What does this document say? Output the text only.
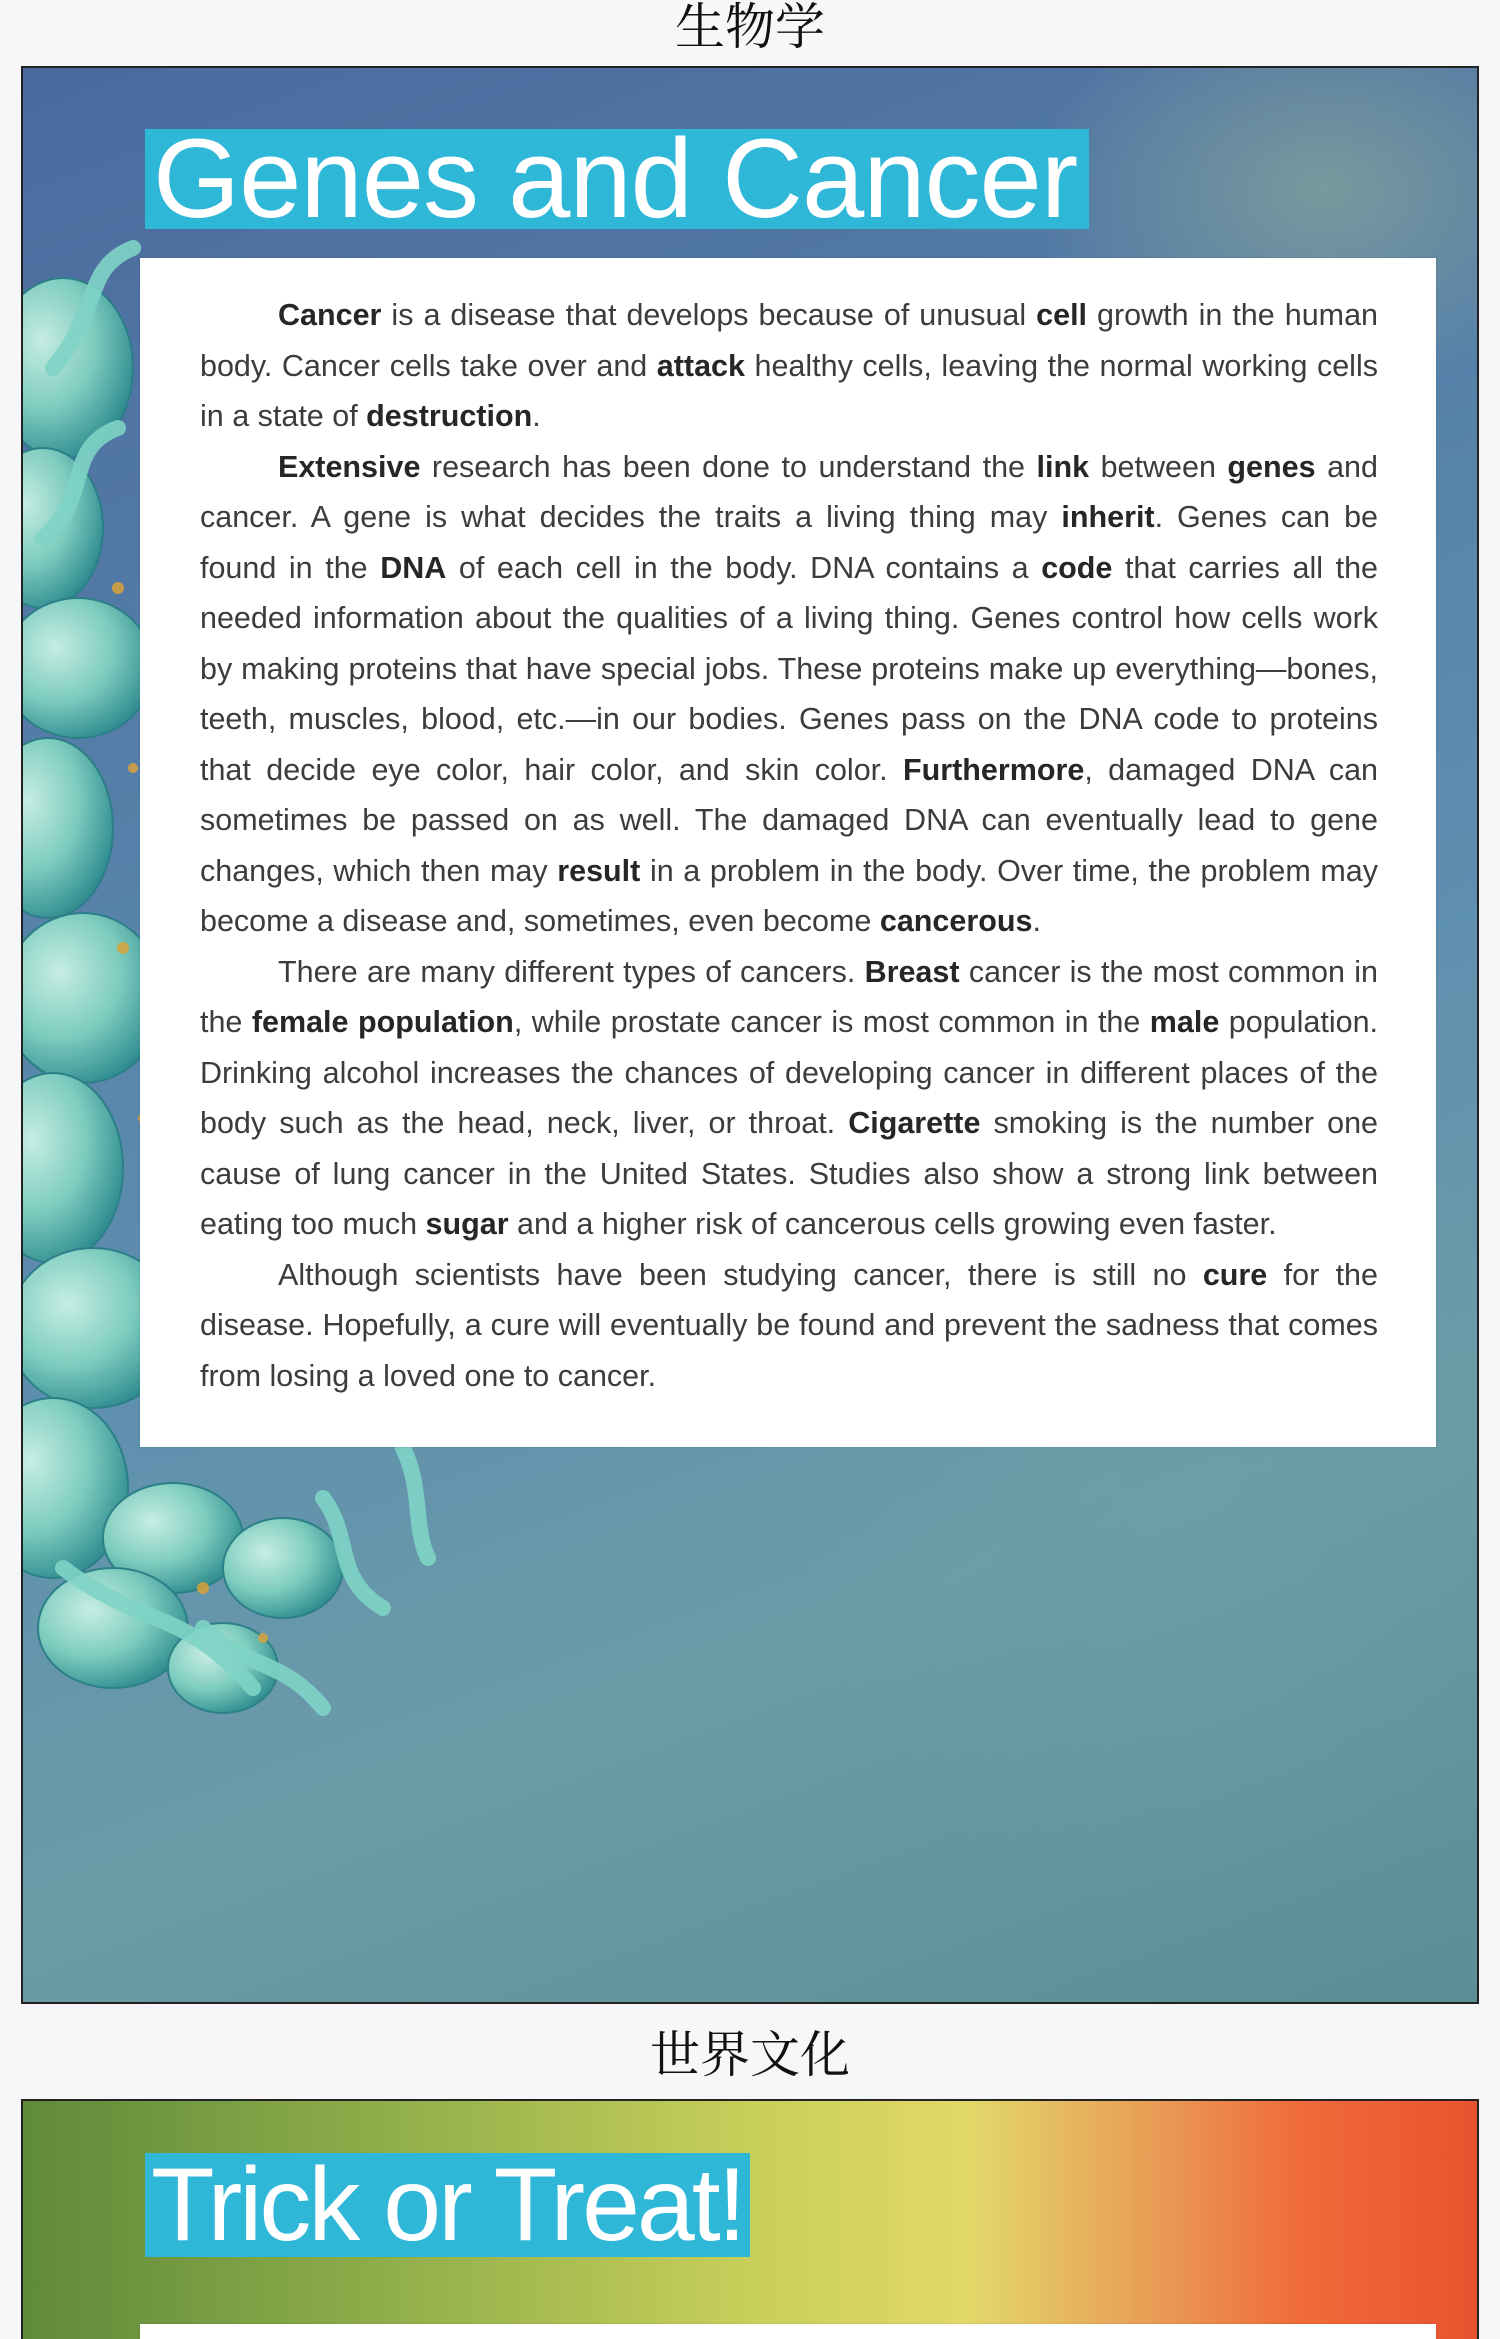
生物学
Genes and Cancer

Cancer is a disease that develops because of unusual cell growth in the human body. Cancer cells take over and attack healthy cells, leaving the normal working cells in a state of destruction.

Extensive research has been done to understand the link between genes and cancer. A gene is what decides the traits a living thing may inherit. Genes can be found in the DNA of each cell in the body. DNA contains a code that carries all the needed information about the qualities of a living thing. Genes control how cells work by making proteins that have special jobs. These proteins make up everything—bones, teeth, muscles, blood, etc.—in our bodies. Genes pass on the DNA code to proteins that decide eye color, hair color, and skin color. Furthermore, damaged DNA can sometimes be passed on as well. The damaged DNA can eventually lead to gene changes, which then may result in a problem in the body. Over time, the problem may become a disease and, sometimes, even become cancerous.

There are many different types of cancers. Breast cancer is the most common in the female population, while prostate cancer is most common in the male population. Drinking alcohol increases the chances of developing cancer in different places of the body such as the head, neck, liver, or throat. Cigarette smoking is the number one cause of lung cancer in the United States. Studies also show a strong link between eating too much sugar and a higher risk of cancerous cells growing even faster.

Although scientists have been studying cancer, there is still no cure for the disease. Hopefully, a cure will eventually be found and prevent the sadness that comes from losing a loved one to cancer.

世界文化
Trick or Treat!
